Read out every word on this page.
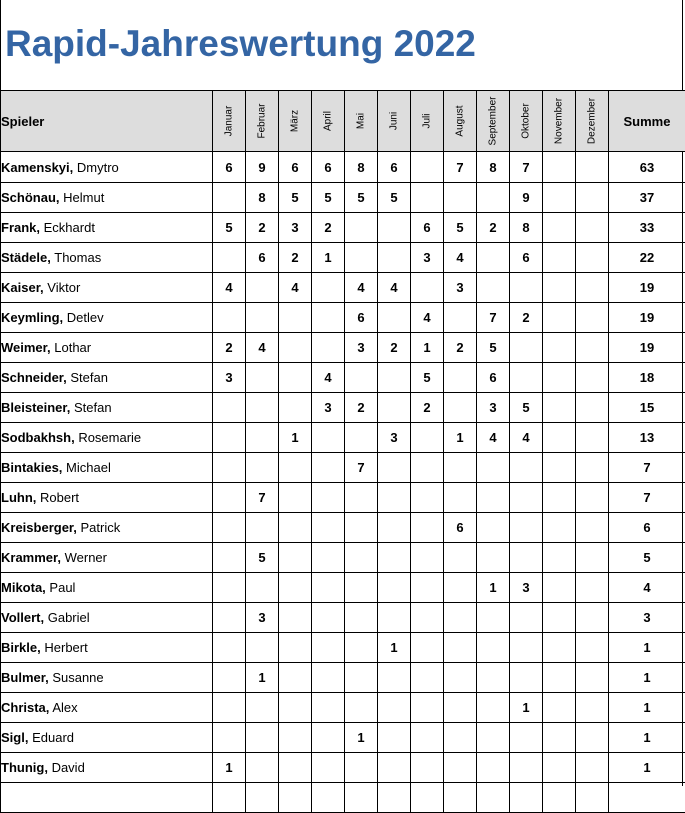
Rapid-Jahreswertung 2022
Spieler	Januar	Februar	März	April	Mai	Juni	Juli	August	September	Oktober	November	Dezember	Summe
Kamenskyi, Dmytro	6	9	6	6	8	6		7	8	7			63
Schönau, Helmut		8	5	5	5	5				9			37
Frank, Eckhardt	5	2	3	2			6	5	2	8			33
Städele, Thomas		6	2	1			3	4		6			22
Kaiser, Viktor	4		4		4	4		3					19
Keymling, Detlev					6		4		7	2			19
Weimer, Lothar	2	4			3	2	1	2	5				19
Schneider, Stefan	3			4			5		6				18
Bleisteiner, Stefan				3	2		2		3	5			15
Sodbakhsh, Rosemarie			1			3		1	4	4			13
Bintakies, Michael					7								7
Luhn, Robert		7											7
Kreisberger, Patrick								6					6
Krammer, Werner		5											5
Mikota, Paul									1	3			4
Vollert, Gabriel		3											3
Birkle, Herbert						1							1
Bulmer, Susanne		1											1
Christa, Alex										1			1
Sigl, Eduard					1								1
Thunig, David	1												1
